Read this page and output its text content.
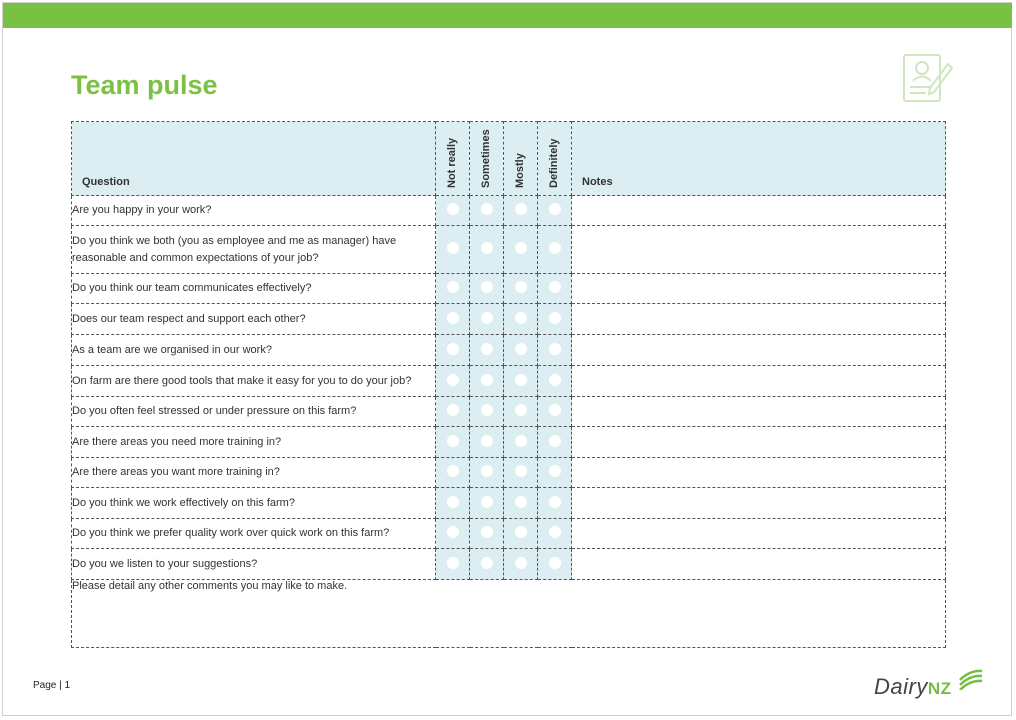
Team pulse
Question	Not really	Sometimes	Mostly	Definitely	Notes
Are you happy in your work?					
Do you think we both (you as employee and me as manager) have reasonable and common expectations of your job?					
Do you think our team communicates effectively?					
Does our team respect and support each other?					
As a team are we organised in our work?					
On farm are there good tools that make it easy for you to do your job?					
Do you often feel stressed or under pressure on this farm?					
Are there areas you need more training in?					
Are there areas you want more training in?					
Do you think we work effectively on this farm?					
Do you think we prefer quality work over quick work on this farm?					
Do you we listen to your suggestions?					
Please detail any other comments you may like to make.					
Page | 1	DairyNZ
